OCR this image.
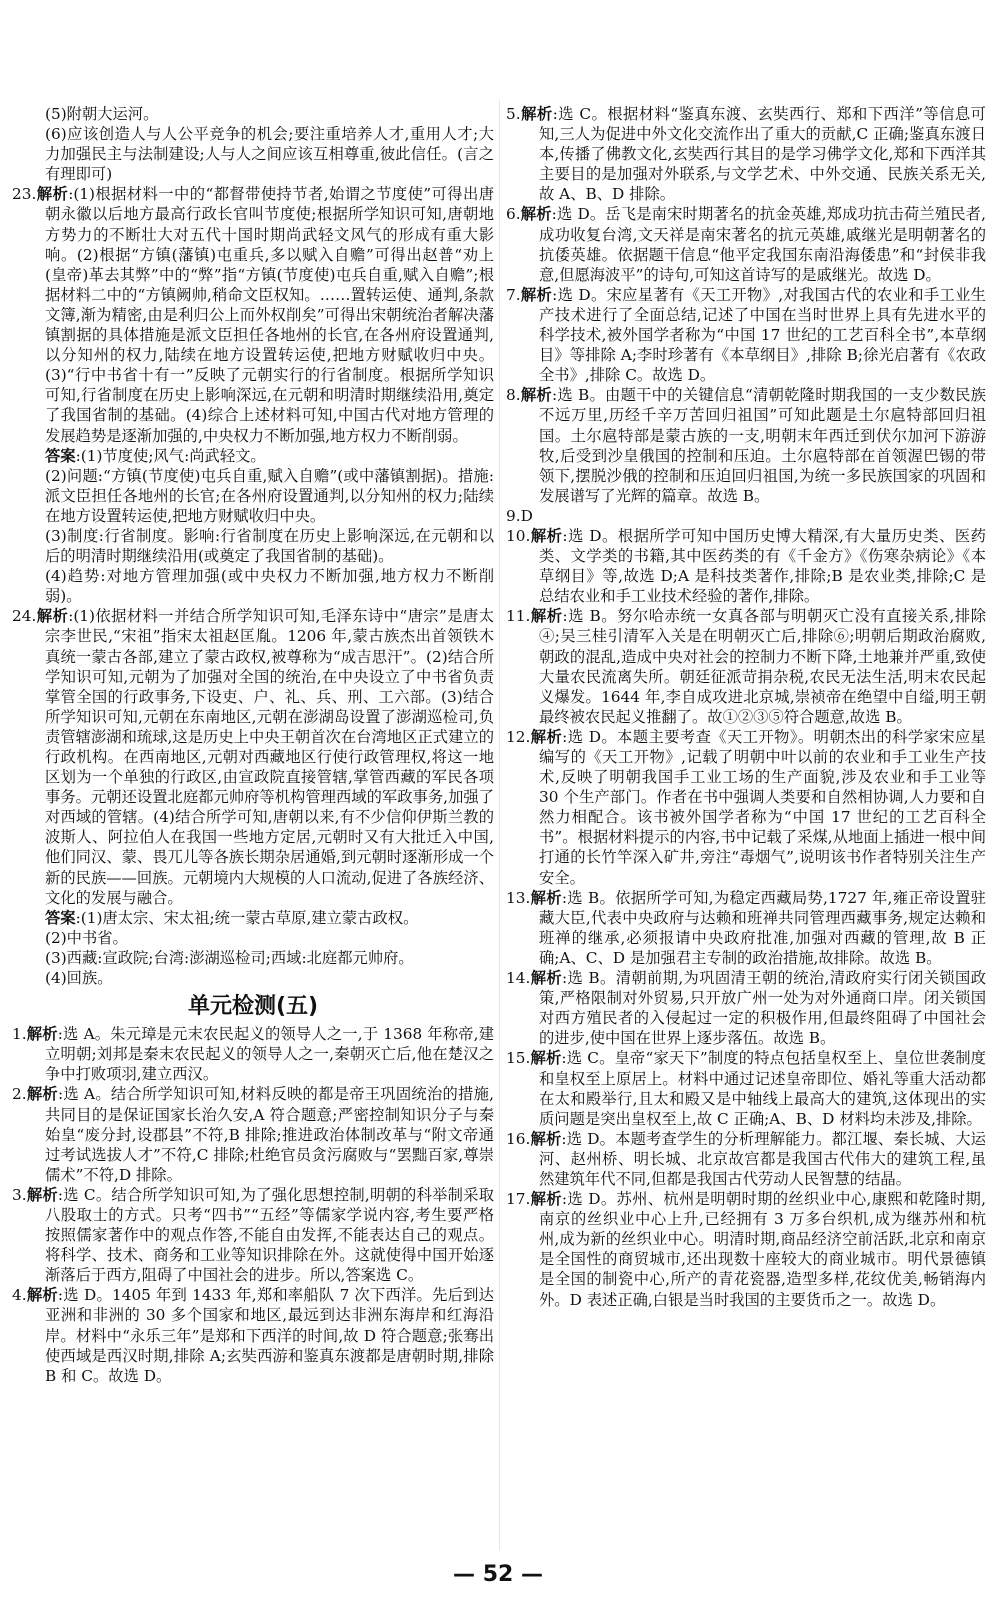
(5)附朝大运河。

(6)应该创造人与人公平竞争的机会;要注重培养人才,重用人才;大力加强民主与法制建设;人与人之间应该互相尊重,彼此信任。(言之有理即可)

23.解析:(1)根据材料一中的“都督带使持节者,始谓之节度使”可得出唐朝永徽以后地方最高行政长官叫节度使;根据所学知识可知,唐朝地方势力的不断壮大对五代十国时期尚武轻文风气的形成有重大影响。(2)根据“方镇(藩镇)屯重兵,多以赋入自赡”可得出赵普“劝上(皇帝)革去其弊”中的“弊”指“方镇(节度使)屯兵自重,赋入自赡”;根据材料二中的“方镇阙帅,稍命文臣权知。……置转运使、通判,条款文簿,渐为精密,由是利归公上而外权削矣”可得出宋朝统治者解决藩镇割据的具体措施是派文臣担任各地州的长官,在各州府设置通判,以分知州的权力,陆续在地方设置转运使,把地方财赋收归中央。(3)“行中书省十有一”反映了元朝实行的行省制度。根据所学知识可知,行省制度在历史上影响深远,在元朝和明清时期继续沿用,奠定了我国省制的基础。(4)综合上述材料可知,中国古代对地方管理的发展趋势是逐渐加强的,中央权力不断加强,地方权力不断削弱。

答案:(1)节度使;风气:尚武轻文。

(2)问题:“方镇(节度使)屯兵自重,赋入自赡”(或中藩镇割据)。措施:派文臣担任各地州的长官;在各州府设置通判,以分知州的权力;陆续在地方设置转运使,把地方财赋收归中央。

(3)制度:行省制度。影响:行省制度在历史上影响深远,在元朝和以后的明清时期继续沿用(或奠定了我国省制的基础)。

(4)趋势:对地方管理加强(或中央权力不断加强,地方权力不断削弱)。

24.解析:(1)依据材料一并结合所学知识可知,毛泽东诗中“唐宗”是唐太宗李世民,“宋祖”指宋太祖赵匡胤。1206 年,蒙古族杰出首领铁木真统一蒙古各部,建立了蒙古政权,被尊称为“成吉思汗”。(2)结合所学知识可知,元朝为了加强对全国的统治,在中央设立了中书省负责掌管全国的行政事务,下设吏、户、礼、兵、刑、工六部。(3)结合所学知识可知,元朝在东南地区,元朝在澎湖岛设置了澎湖巡检司,负责管辖澎湖和琉球,这是历史上中央王朝首次在台湾地区正式建立的行政机构。在西南地区,元朝对西藏地区行使行政管理权,将这一地区划为一个单独的行政区,由宣政院直接管辖,掌管西藏的军民各项事务。元朝还设置北庭都元帅府等机构管理西域的军政事务,加强了对西域的管辖。(4)结合所学可知,唐朝以来,有不少信仰伊斯兰教的波斯人、阿拉伯人在我国一些地方定居,元朝时又有大批迁入中国,他们同汉、蒙、畏兀儿等各族长期杂居通婚,到元朝时逐渐形成一个新的民族——回族。元朝境内大规模的人口流动,促进了各族经济、文化的发展与融合。

答案:(1)唐太宗、宋太祖;统一蒙古草原,建立蒙古政权。

(2)中书省。

(3)西藏:宣政院;台湾:澎湖巡检司;西域:北庭都元帅府。

(4)回族。

单元检测(五)

1.解析:选 A。朱元璋是元末农民起义的领导人之一,于 1368 年称帝,建立明朝;刘邦是秦末农民起义的领导人之一,秦朝灭亡后,他在楚汉之争中打败项羽,建立西汉。

2.解析:选 A。结合所学知识可知,材料反映的都是帝王巩固统治的措施,共同目的是保证国家长治久安,A 符合题意;严密控制知识分子与秦始皇“废分封,设郡县”不符,B 排除;推进政治体制改革与“附文帝通过考试选拔人才”不符,C 排除;杜绝官员贪污腐败与“罢黜百家,尊崇儒术”不符,D 排除。

3.解析:选 C。结合所学知识可知,为了强化思想控制,明朝的科举制采取八股取士的方式。只考“四书”“五经”等儒家学说内容,考生要严格按照儒家著作中的观点作答,不能自由发挥,不能表达自己的观点。将科学、技术、商务和工业等知识排除在外。这就使得中国开始逐渐落后于西方,阻碍了中国社会的进步。所以,答案选 C。

4.解析:选 D。1405 年到 1433 年,郑和率船队 7 次下西洋。先后到达亚洲和非洲的 30 多个国家和地区,最远到达非洲东海岸和红海沿岸。材料中“永乐三年”是郑和下西洋的时间,故 D 符合题意;张骞出使西域是西汉时期,排除 A;玄奘西游和鉴真东渡都是唐朝时期,排除 B 和 C。故选 D。

5.解析:选 C。根据材料“鉴真东渡、玄奘西行、郑和下西洋”等信息可知,三人为促进中外文化交流作出了重大的贡献,C 正确;鉴真东渡日本,传播了佛教文化,玄奘西行其目的是学习佛学文化,郑和下西洋其主要目的是加强对外联系,与文学艺术、中外交通、民族关系无关,故 A、B、D 排除。

6.解析:选 D。岳飞是南宋时期著名的抗金英雄,郑成功抗击荷兰殖民者,成功收复台湾,文天祥是南宋著名的抗元英雄,戚继光是明朝著名的抗倭英雄。依据题干信息“他平定我国东南沿海倭患”和“封侯非我意,但愿海波平”的诗句,可知这首诗写的是戚继光。故选 D。

7.解析:选 D。宋应星著有《天工开物》,对我国古代的农业和手工业生产技术进行了全面总结,记述了中国在当时世界上具有先进水平的科学技术,被外国学者称为“中国 17 世纪的工艺百科全书”,本草纲目》等排除 A;李时珍著有《本草纲目》,排除 B;徐光启著有《农政全书》,排除 C。故选 D。

8.解析:选 B。由题干中的关键信息“清朝乾隆时期我国的一支少数民族不远万里,历经千辛万苦回归祖国”可知此题是土尔扈特部回归祖国。土尔扈特部是蒙古族的一支,明朝末年西迁到伏尔加河下游游牧,后受到沙皇俄国的控制和压迫。土尔扈特部在首领渥巴锡的带领下,摆脱沙俄的控制和压迫回归祖国,为统一多民族国家的巩固和发展谱写了光辉的篇章。故选 B。

9.D

10.解析:选 D。根据所学可知中国历史博大精深,有大量历史类、医药类、文学类的书籍,其中医药类的有《千金方》《伤寒杂病论》《本草纲目》等,故选 D;A 是科技类著作,排除;B 是农业类,排除;C 是总结农业和手工业技术经验的著作,排除。

11.解析:选 B。努尔哈赤统一女真各部与明朝灭亡没有直接关系,排除④;吴三桂引清军入关是在明朝灭亡后,排除⑥;明朝后期政治腐败,朝政的混乱,造成中央对社会的控制力不断下降,土地兼并严重,致使大量农民流离失所。朝廷征派苛捐杂税,农民无法生活,明末农民起义爆发。1644 年,李自成攻进北京城,崇祯帝在绝望中自缢,明王朝最终被农民起义推翻了。故①②③⑤符合题意,故选 B。

12.解析:选 D。本题主要考查《天工开物》。明朝杰出的科学家宋应星编写的《天工开物》,记载了明朝中叶以前的农业和手工业生产技术,反映了明朝我国手工业工场的生产面貌,涉及农业和手工业等 30 个生产部门。作者在书中强调人类要和自然相协调,人力要和自然力相配合。该书被外国学者称为“中国 17 世纪的工艺百科全书”。根据材料提示的内容,书中记载了采煤,从地面上插进一根中间打通的长竹竿深入矿井,旁注“毒烟气”,说明该书作者特别关注生产安全。

13.解析:选 B。依据所学可知,为稳定西藏局势,1727 年,雍正帝设置驻藏大臣,代表中央政府与达赖和班禅共同管理西藏事务,规定达赖和班禅的继承,必须报请中央政府批准,加强对西藏的管理,故 B 正确;A、C、D 是加强君主专制的政治措施,故排除。故选 B。

14.解析:选 B。清朝前期,为巩固清王朝的统治,清政府实行闭关锁国政策,严格限制对外贸易,只开放广州一处为对外通商口岸。闭关锁国对西方殖民者的入侵起过一定的积极作用,但最终阻碍了中国社会的进步,使中国在世界上逐步落伍。故选 B。

15.解析:选 C。皇帝“家天下”制度的特点包括皇权至上、皇位世袭制度和皇权至上原居上。材料中通过记述皇帝即位、婚礼等重大活动都在太和殿举行,且太和殿又是中轴线上最高大的建筑,这体现出的实质问题是突出皇权至上,故 C 正确;A、B、D 材料均未涉及,排除。

16.解析:选 D。本题考查学生的分析理解能力。都江堰、秦长城、大运河、赵州桥、明长城、北京故宫都是我国古代伟大的建筑工程,虽然建筑年代不同,但都是我国古代劳动人民智慧的结晶。

17.解析:选 D。苏州、杭州是明朝时期的丝织业中心,康熙和乾隆时期,南京的丝织业中心上升,已经拥有 3 万多台织机,成为继苏州和杭州,成为新的丝织业中心。明清时期,商品经济空前活跃,北京和南京是全国性的商贸城市,还出现数十座较大的商业城市。明代景德镇是全国的制瓷中心,所产的青花瓷器,造型多样,花纹优美,畅销海内外。D 表述正确,白银是当时我国的主要货币之一。故选 D。

— 52 —
